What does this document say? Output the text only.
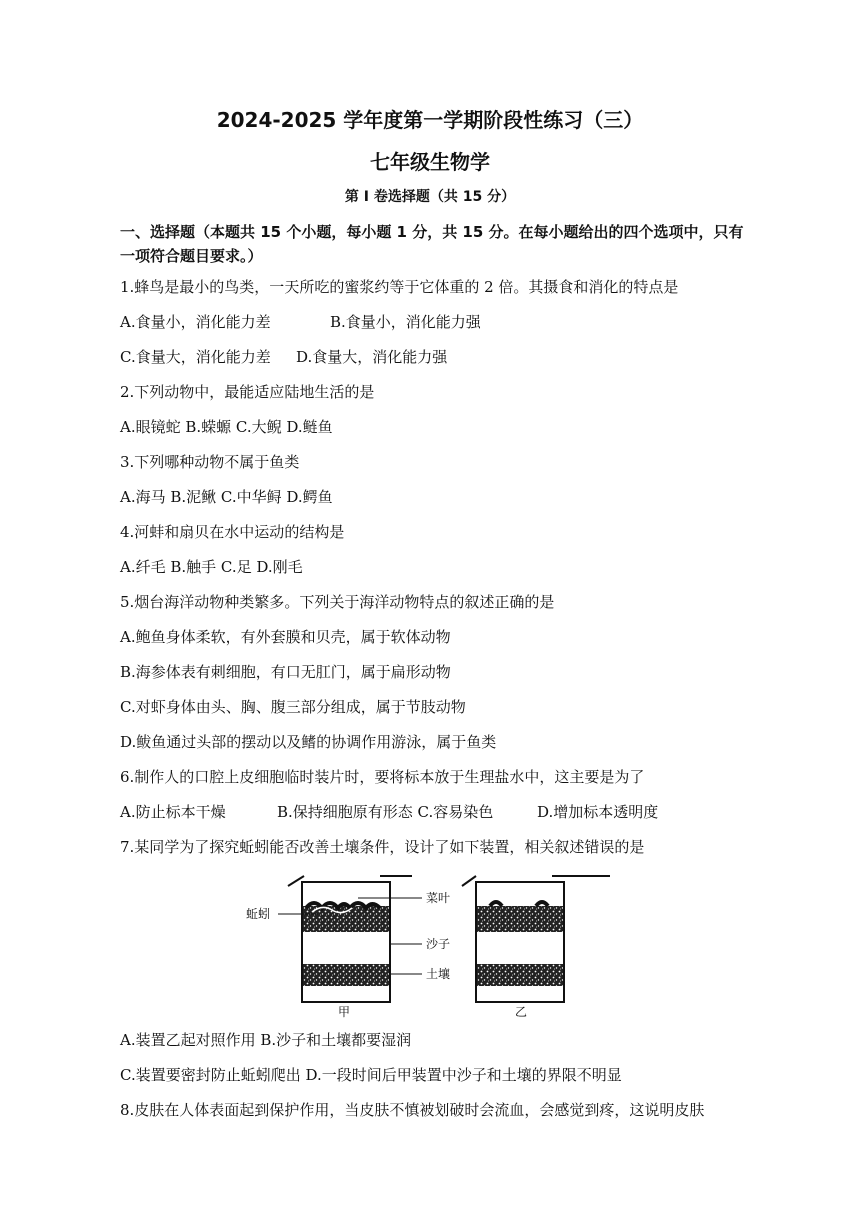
2024-2025 学年度第一学期阶段性练习（三）
七年级生物学
第 I 卷选择题（共 15 分）
一、选择题（本题共 15 个小题，每小题 1 分，共 15 分。在每小题给出的四个选项中，只有一项符合题目要求。）
1.蜂鸟是最小的鸟类，一天所吃的蜜浆约等于它体重的 2 倍。其摄食和消化的特点是
A.食量小，消化能力差	B.食量小，消化能力强
C.食量大，消化能力差 D.食量大，消化能力强
2.下列动物中，最能适应陆地生活的是
A.眼镜蛇 B.蝾螈 C.大鲵 D.鲢鱼
3.下列哪种动物不属于鱼类
A.海马 B.泥鳅 C.中华鲟 D.鳄鱼
4.河蚌和扇贝在水中运动的结构是
A.纤毛 B.触手 C.足 D.刚毛
5.烟台海洋动物种类繁多。下列关于海洋动物特点的叙述正确的是
A.鲍鱼身体柔软，有外套膜和贝壳，属于软体动物
B.海参体表有刺细胞，有口无肛门，属于扁形动物
C.对虾身体由头、胸、腹三部分组成，属于节肢动物
D.鲅鱼通过头部的摆动以及鳍的协调作用游泳，属于鱼类
6.制作人的口腔上皮细胞临时装片时，要将标本放于生理盐水中，这主要是为了
A.防止标本干燥	B.保持细胞原有形态 C.容易染色	D.增加标本透明度
7.某同学为了探究蚯蚓能否改善土壤条件，设计了如下装置，相关叙述错误的是
蚯蚓
菜叶
沙子
土壤
甲	乙
A.装置乙起对照作用 B.沙子和土壤都要湿润
C.装置要密封防止蚯蚓爬出 D.一段时间后甲装置中沙子和土壤的界限不明显
8.皮肤在人体表面起到保护作用，当皮肤不慎被划破时会流血，会感觉到疼，这说明皮肤
